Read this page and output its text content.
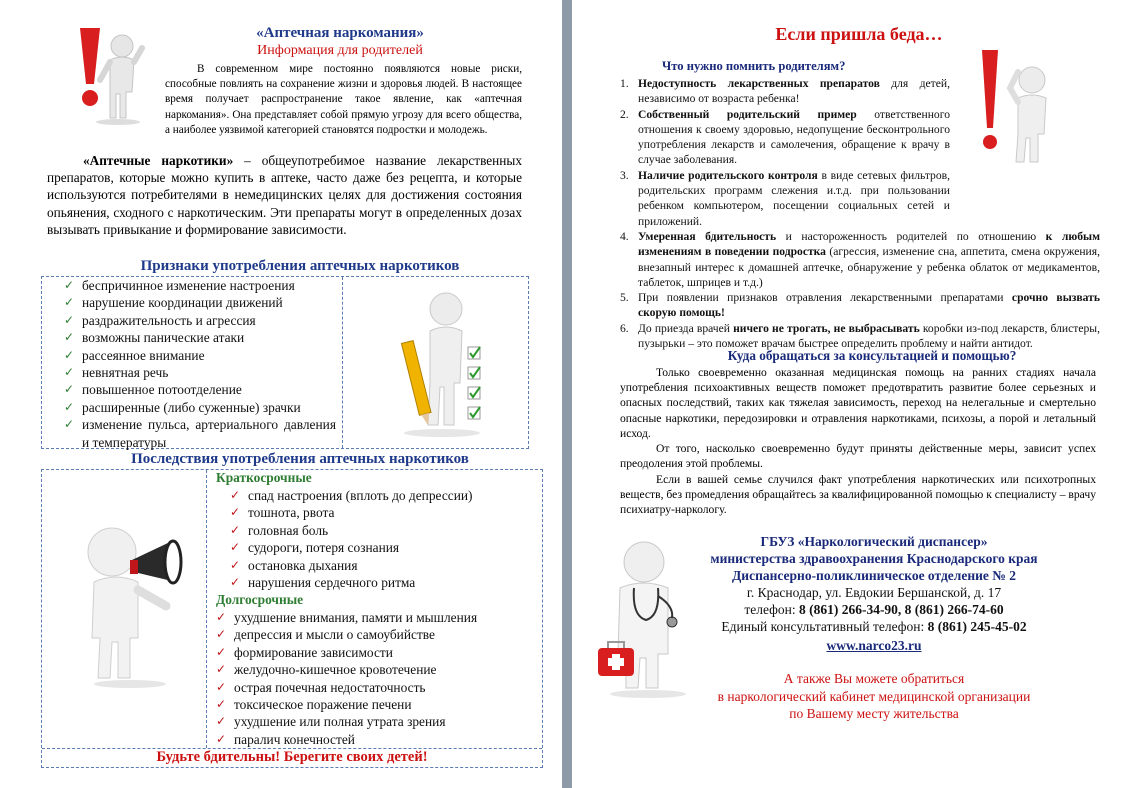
«Аптечная наркомания»
Информация для родителей

В современном мире постоянно появляются новые риски, способные повлиять на сохранение жизни и здоровья людей. В настоящее время получает распространение такое явление, как «аптечная наркомания». Она представляет собой прямую угрозу для всего общества, а наиболее уязвимой категорией становятся подростки и молодежь.

«Аптечные наркотики» – общеупотребимое название лекарственных препаратов, которые можно купить в аптеке, часто даже без рецепта, и которые используются потребителями в немедицинских целях для достижения состояния опьянения, сходного с наркотическим. Эти препараты могут в определенных дозах вызывать привыкание и формирование зависимости.

Признаки употребления аптечных наркотиков
✓ беспричинное изменение настроения
✓ нарушение координации движений
✓ раздражительность и агрессия
✓ возможны панические атаки
✓ рассеянное внимание
✓ невнятная речь
✓ повышенное потоотделение
✓ расширенные (либо суженные) зрачки
✓ изменение пульса, артериального давления и температуры
Последствия употребления аптечных наркотиков
Краткосрочные
✓ спад настроения (вплоть до депрессии)
✓ тошнота, рвота
✓ головная боль
✓ судороги, потеря сознания
✓ остановка дыхания
✓ нарушения сердечного ритма
Долгосрочные
✓ ухудшение внимания, памяти и мышления
✓ депрессия и мысли о самоубийстве
✓ формирование зависимости
✓ желудочно-кишечное кровотечение
✓ острая почечная недостаточность
✓ токсическое поражение печени
✓ ухудшение или полная утрата зрения
✓ паралич конечностей
Будьте бдительны! Берегите своих детей!
Если пришла беда…
Что нужно помнить родителям?
1. Недоступность лекарственных препаратов для детей, независимо от возраста ребенка!
2. Собственный родительский пример ответственного отношения к своему здоровью, недопущение бесконтрольного употребления лекарств и самолечения, обращение к врачу в случае заболевания.
3. Наличие родительского контроля в виде сетевых фильтров, родительских программ слежения и.т.д. при пользовании ребенком компьютером, посещении социальных сетей и приложений.
4. Умеренная бдительность и настороженность родителей по отношению к любым изменениям в поведении подростка (агрессия, изменение сна, аппетита, смена окружения, внезапный интерес к домашней аптечке, обнаружение у ребенка облаток от медикаментов, таблеток, шприцев и т.д.)
5. При появлении признаков отравления лекарственными препаратами срочно вызвать скорую помощь!
6. До приезда врачей ничего не трогать, не выбрасывать коробки из-под лекарств, блистеры, пузырьки – это поможет врачам быстрее определить проблему и найти антидот.
Куда обращаться за консультацией и помощью?

Только своевременно оказанная медицинская помощь на ранних стадиях начала употребления психоактивных веществ поможет предотвратить развитие более серьезных и опасных последствий, таких как тяжелая зависимость, переход на нелегальные и смертельно опасные наркотики, передозировки и отравления наркотиками, психозы, а порой и летальный исход.

От того, насколько своевременно будут приняты действенные меры, зависит успех преодоления этой проблемы.

Если в вашей семье случился факт употребления наркотических или психотропных веществ, без промедления обращайтесь за квалифицированной помощью к специалисту – врачу психиатру-наркологу.

ГБУЗ «Наркологический диспансер»
министерства здравоохранения Краснодарского края
Диспансерно-поликлиническое отделение № 2
г. Краснодар, ул. Евдокии Бершанской, д. 17
телефон: 8 (861) 266-34-90, 8 (861) 266-74-60
Единый консультативный телефон: 8 (861) 245-45-02
www.narco23.ru
А также Вы можете обратиться
в наркологический кабинет медицинской организации
по Вашему месту жительства
